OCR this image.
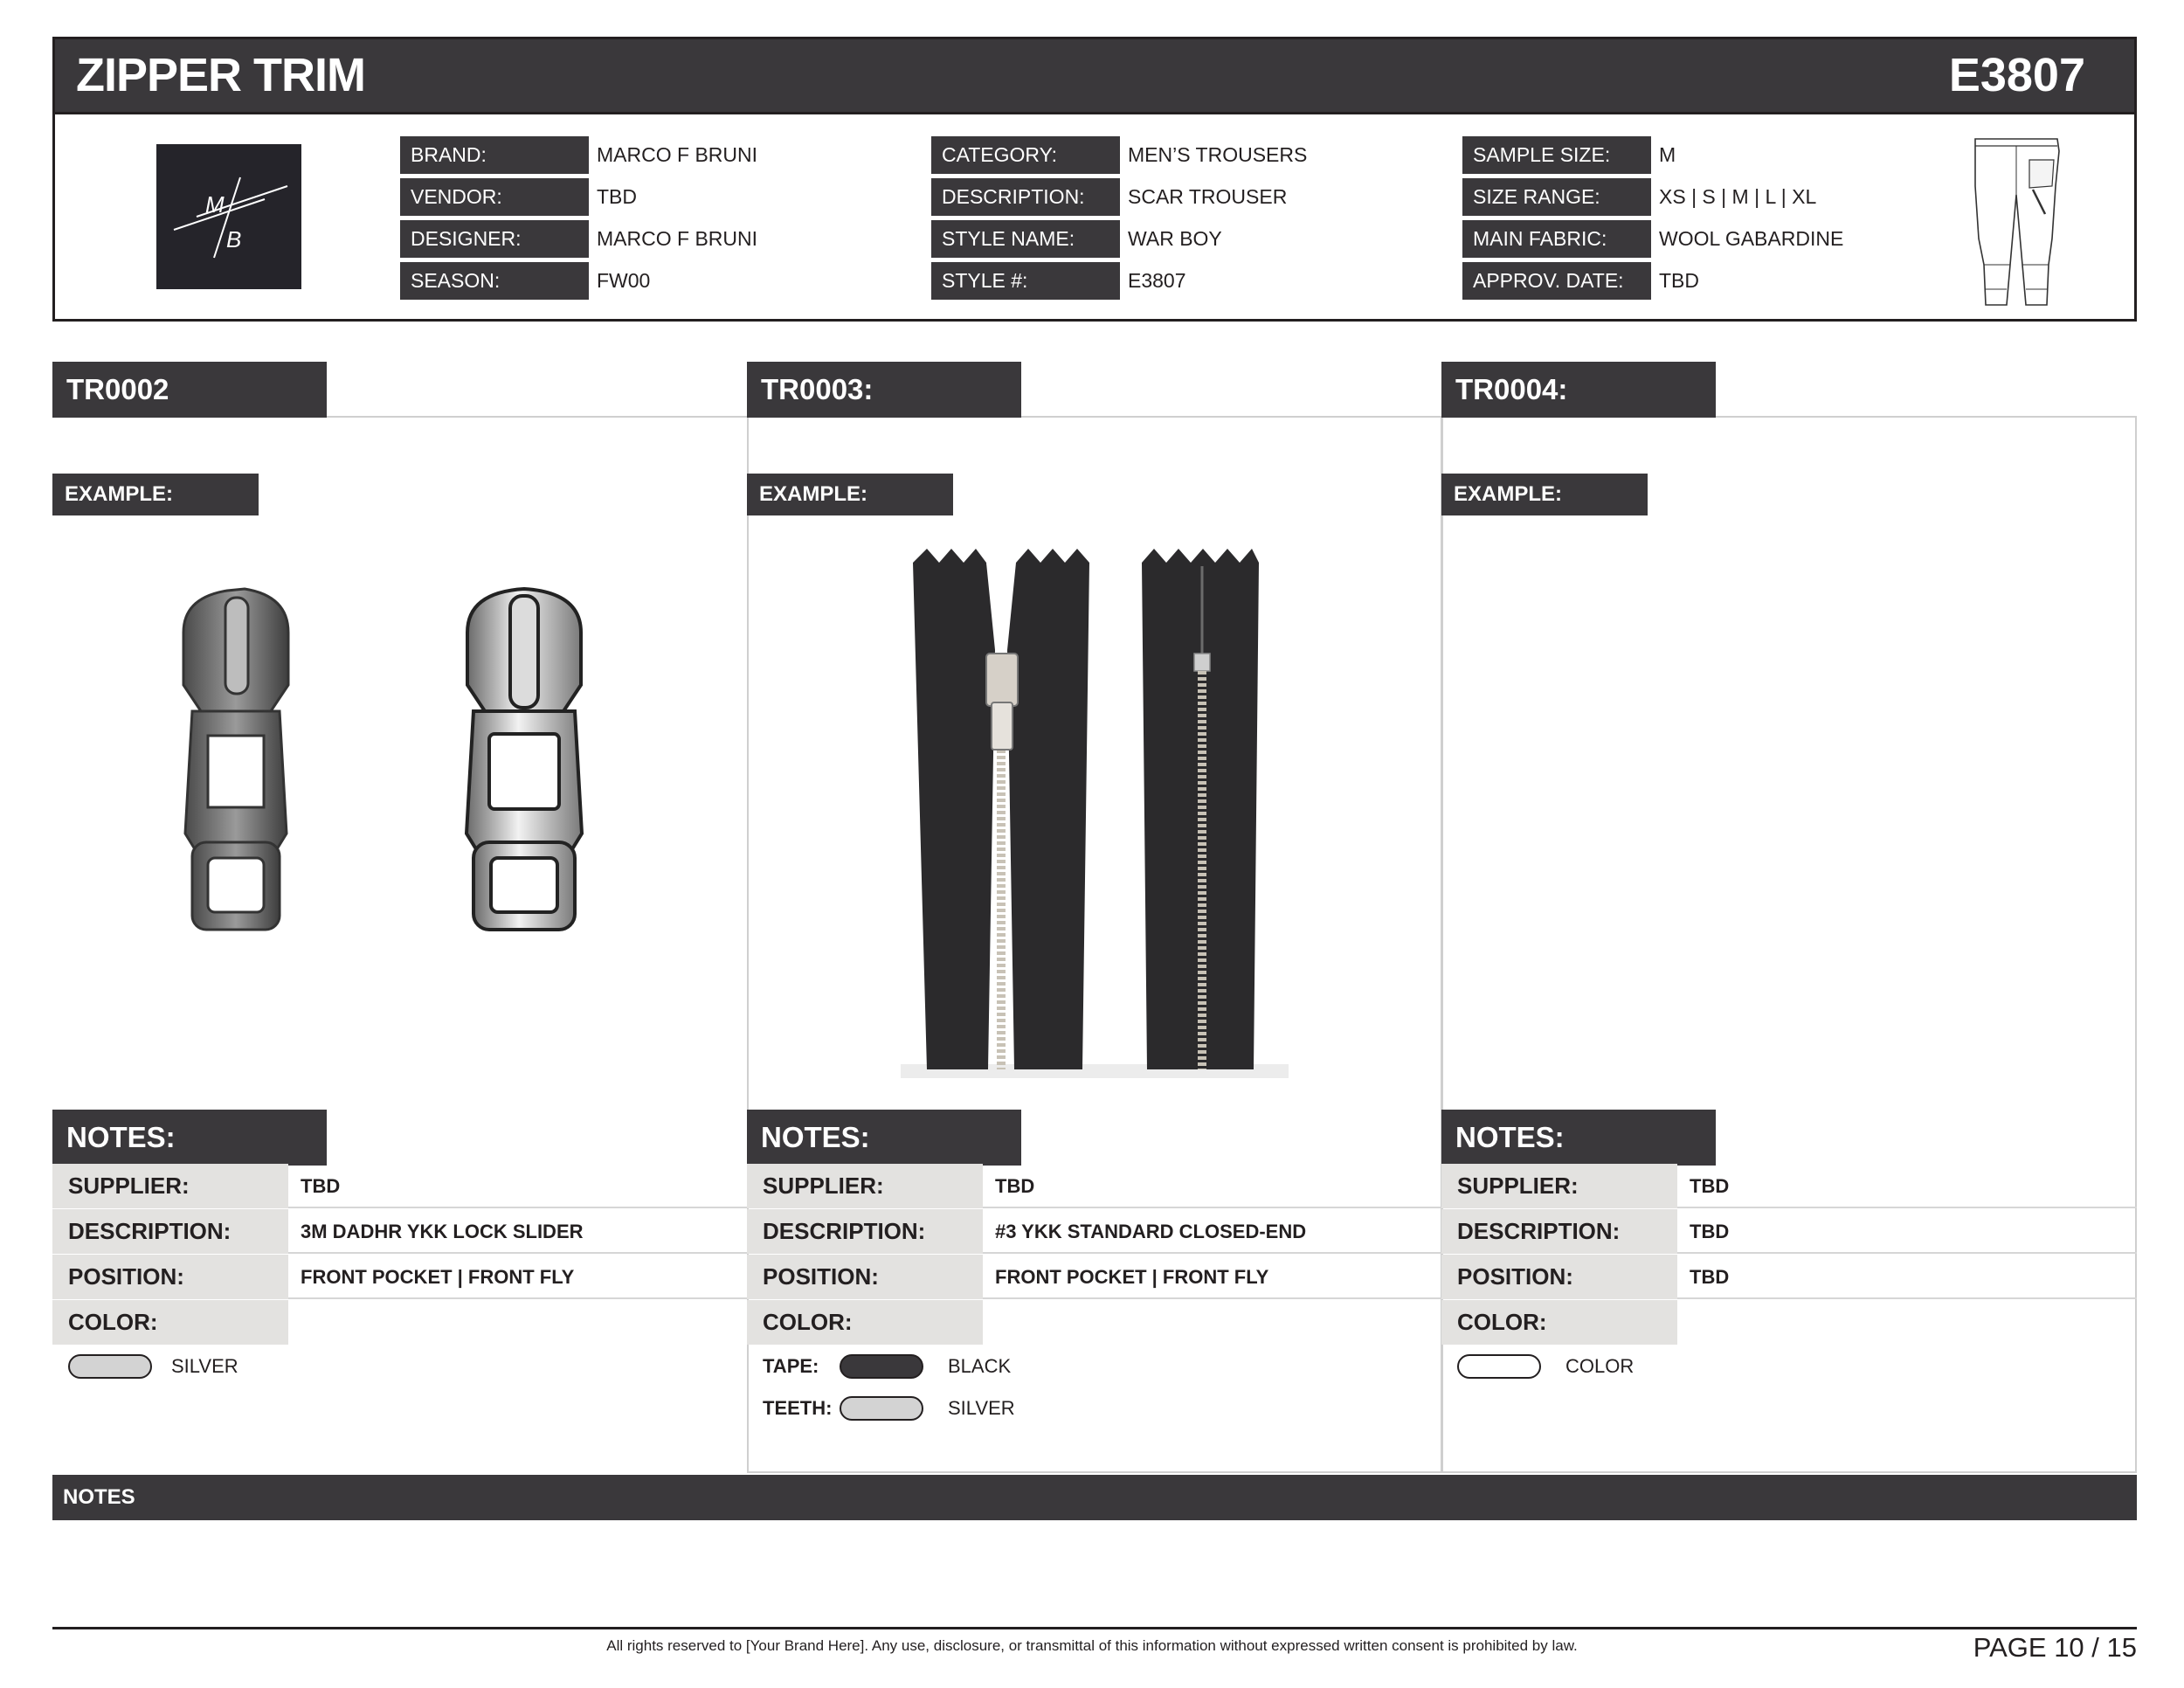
ZIPPER TRIM	E3807
M
B
BRAND:	MARCO F BRUNI
VENDOR:	TBD
DESIGNER:	MARCO F BRUNI
SEASON:	FW00
CATEGORY:	MEN’S TROUSERS
DESCRIPTION:	SCAR TROUSER
STYLE NAME:	WAR BOY
STYLE #:	E3807
SAMPLE SIZE:	M
SIZE RANGE:	XS | S | M | L | XL
MAIN FABRIC:	WOOL GABARDINE
APPROV. DATE:	TBD
TR0002
EXAMPLE:
NOTES:
SUPPLIER:	TBD
DESCRIPTION:	3M DADHR YKK LOCK SLIDER
POSITION:	FRONT POCKET | FRONT FLY
COLOR:
SILVER
TR0003:
EXAMPLE:
NOTES:
SUPPLIER:	TBD
DESCRIPTION:	#3 YKK STANDARD CLOSED-END
POSITION:	FRONT POCKET | FRONT FLY
COLOR:
TAPE:	BLACK
TEETH:	SILVER
TR0004:
EXAMPLE:
NOTES:
SUPPLIER:	TBD
DESCRIPTION:	TBD
POSITION:	TBD
COLOR:
COLOR
NOTES
All rights reserved to [Your Brand Here]. Any use, disclosure, or transmittal of this information without expressed written consent is prohibited by law.	PAGE 10 / 15
